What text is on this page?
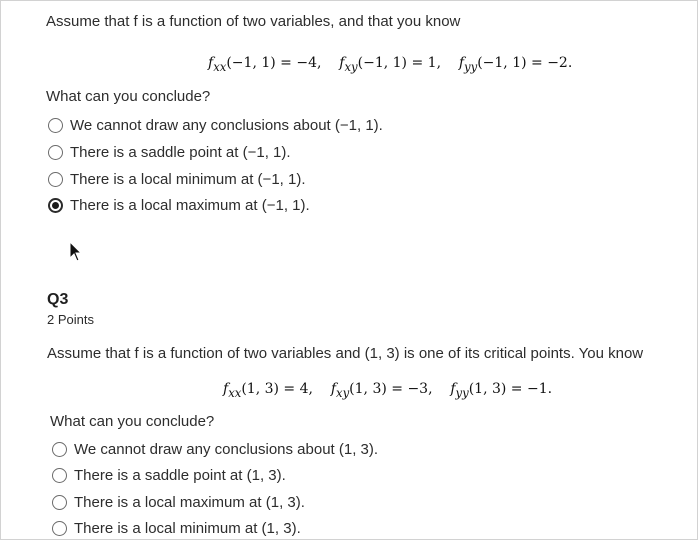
Assume that f is a function of two variables, and that you know
$f_{xx}(-1$, 1) = −4, $f_{xy}(-1$, 1) = 1, $f_{yy}(-1$, 1) = −2.
What can you conclude?
We cannot draw any conclusions about (−1, 1).
There is a saddle point at (−1, 1).
There is a local minimum at (−1, 1).
There is a local maximum at (−1, 1).
Q3
2 Points
Assume that f is a function of two variables and (1, 3) is one of its critical points. You know
$f_{xx}(1$, 3) = 4, $f_{xy}(1$, 3) = −3, $f_{yy}(1$, 3) = −1.
What can you conclude?
We cannot draw any conclusions about (1, 3).
There is a saddle point at (1, 3).
There is a local maximum at (1, 3).
There is a local minimum at (1, 3).
